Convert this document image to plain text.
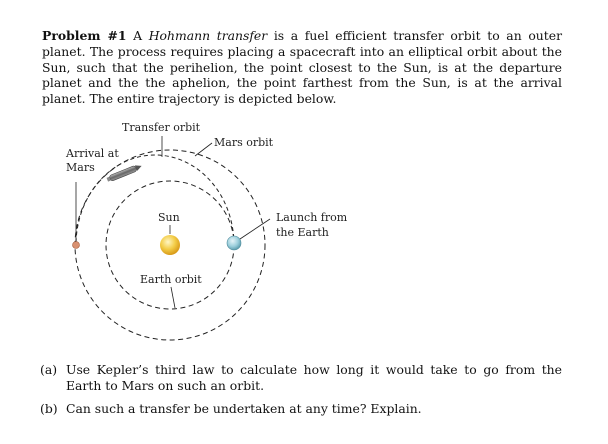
Problem #1 A Hohmann transfer is a fuel efficient transfer orbit to an outer planet. The process requires placing a spacecraft into an elliptical orbit about the Sun, such that the perihelion, the point closest to the Sun, is at the departure planet and the the aphelion, the point farthest from the Sun, is at the arrival planet. The entire trajectory is depicted below.

Transfer orbit
Mars orbit
Arrival at
Mars
Sun	Launch from
the Earth
Earth orbit
(a) Use Kepler’s third law to calculate how long it would take to go from the Earth to Mars on such an orbit.
(b) Can such a transfer be undertaken at any time? Explain.
